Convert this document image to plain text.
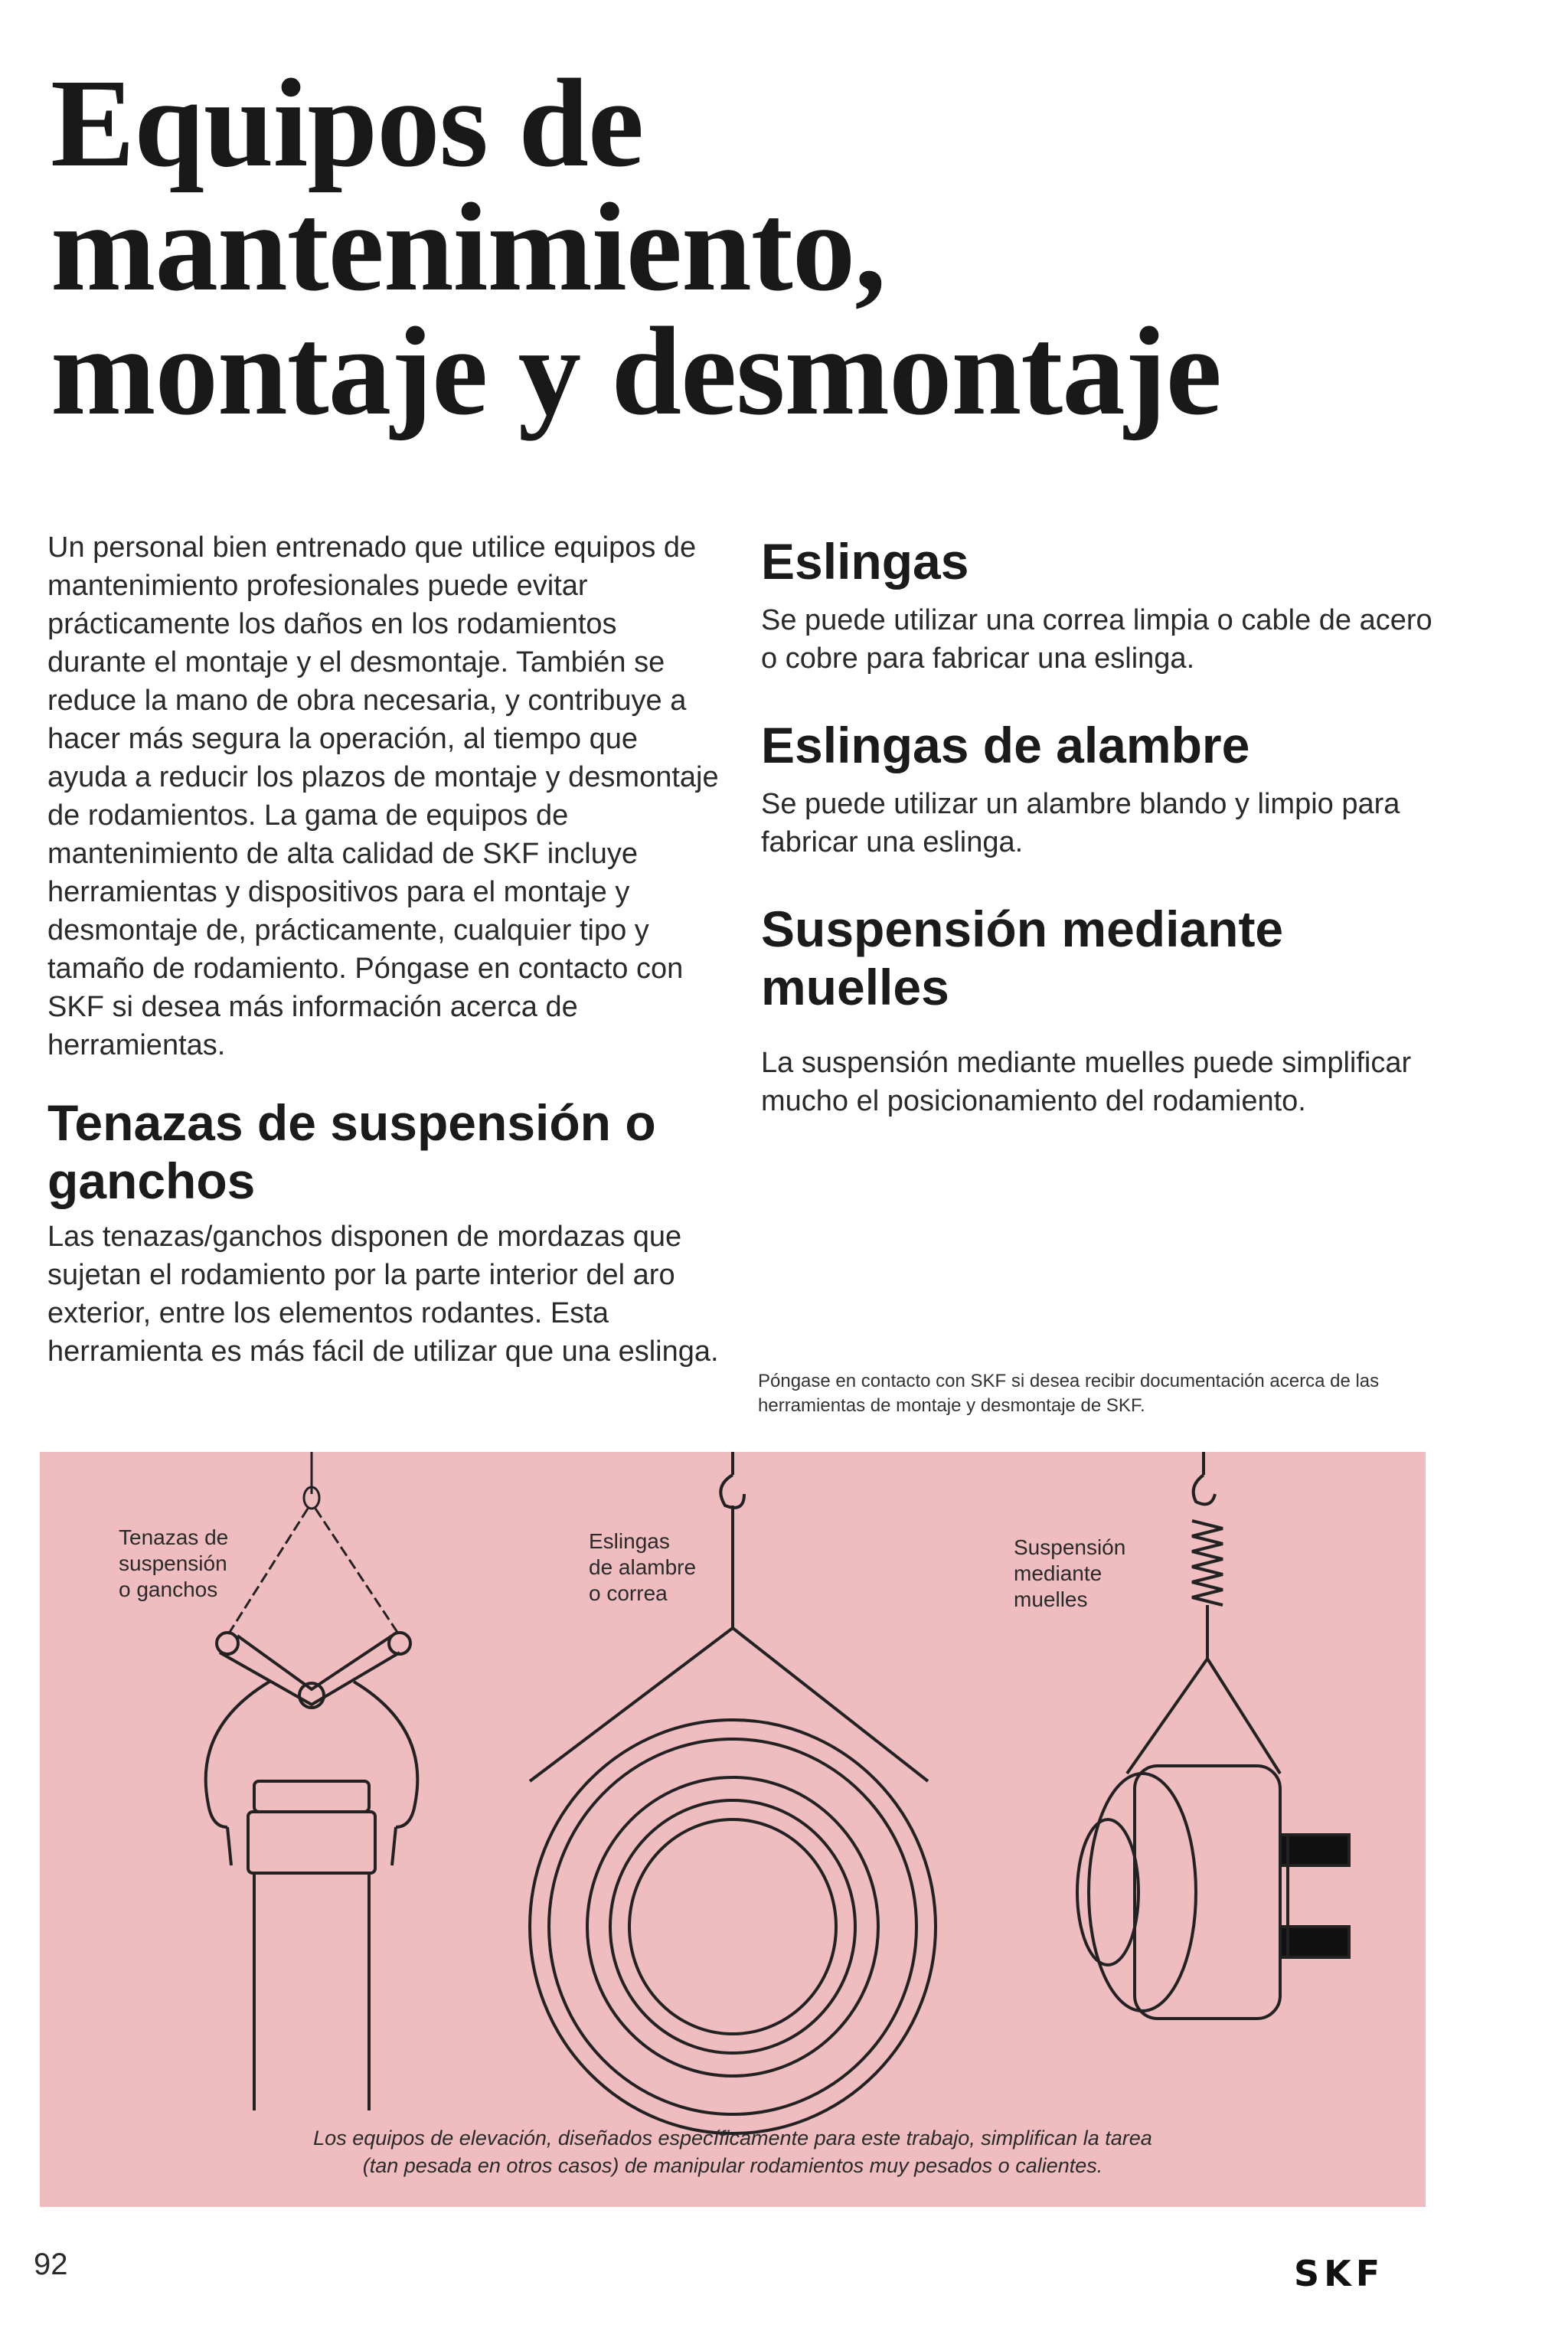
Equipos de
mantenimiento,
montaje y desmontaje

Un personal bien entrenado que utilice equipos de mantenimiento profesionales puede evitar prácticamente los daños en los rodamientos durante el montaje y el desmontaje. También se reduce la mano de obra necesaria, y contribuye a hacer más segura la operación, al tiempo que ayuda a reducir los plazos de montaje y desmontaje de rodamientos. La gama de equipos de mantenimiento de alta calidad de SKF incluye herramientas y dispositivos para el montaje y desmontaje de, prácticamente, cualquier tipo y tamaño de rodamiento. Póngase en contacto con SKF si desea más información acerca de herramientas.

Tenazas de suspensión o ganchos

Las tenazas/ganchos disponen de mordazas que sujetan el rodamiento por la parte interior del aro exterior, entre los elementos rodantes. Esta herramienta es más fácil de utilizar que una eslinga.

Eslingas

Se puede utilizar una correa limpia o cable de acero o cobre para fabricar una eslinga.

Eslingas de alambre

Se puede utilizar un alambre blando y limpio para fabricar una eslinga.

Suspensión mediante muelles

La suspensión mediante muelles puede simplificar mucho el posicionamiento del rodamiento.

Póngase en contacto con SKF si desea recibir documentación acerca de las herramientas de montaje y desmontaje de SKF.

Tenazas de
suspensión
o ganchos
Eslingas
de alambre
o correa
Suspensión
mediante
muelles
Los equipos de elevación, diseñados específicamente para este trabajo, simplifican la tarea
(tan pesada en otros casos) de manipular rodamientos muy pesados o calientes.
92	SKF
